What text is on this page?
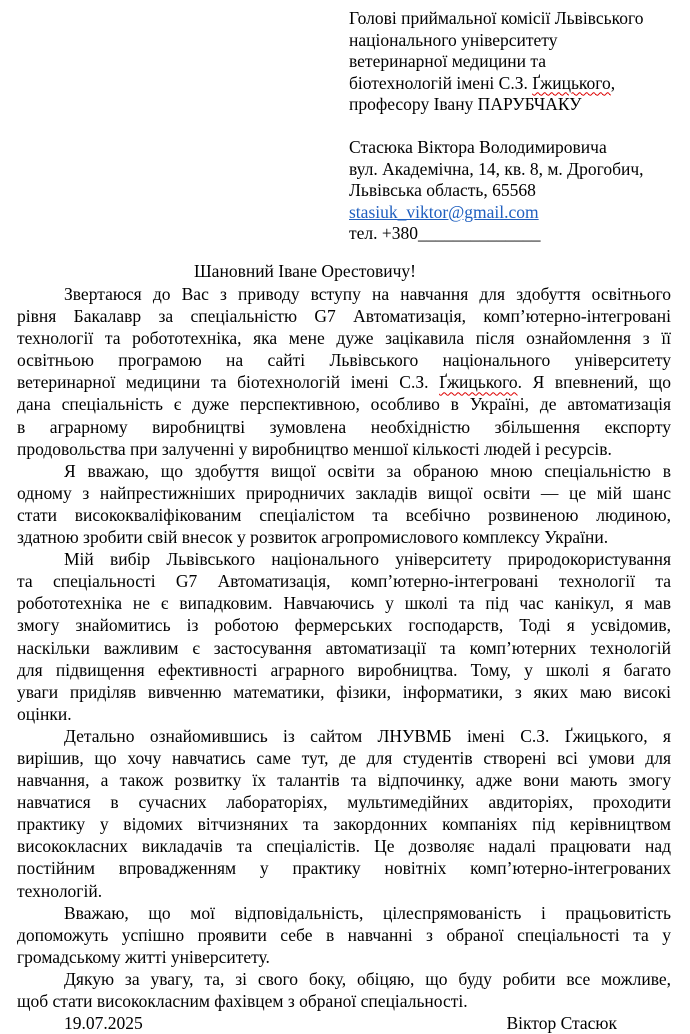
Голові приймальної комісії Львівського
національного університету
ветеринарної медицини та
біотехнологій імені С.З. Ґжицького,
професору Івану ПАРУБЧАКУ
Стасюка Віктора Володимировича
вул. Академічна, 14, кв. 8, м. Дрогобич,
Львівська область, 65568
stasiuk_viktor@gmail.com
тел. +380______________
Шановний Іване Орестовичу!
Звертаюся до Вас з приводу вступу на навчання для здобуття освітнього
рівня Бакалавр за спеціальністю G7 Автоматизація, комп’ютерно-інтегровані
технології та робототехніка, яка мене дуже зацікавила після ознайомлення з її
освітньою програмою на сайті Львівського національного університету
ветеринарної медицини та біотехнологій імені С.З. Ґжицького. Я впевнений, що
дана спеціальність є дуже перспективною, особливо в Україні, де автоматизація
в аграрному виробництві зумовлена необхідністю збільшення експорту
продовольства при залученні у виробництво меншої кількості людей і ресурсів.
Я вважаю, що здобуття вищої освіти за обраною мною спеціальністю в
одному з найпрестижніших природничих закладів вищої освіти — це мій шанс
стати висококваліфікованим спеціалістом та всебічно розвиненою людиною,
здатною зробити свій внесок у розвиток агропромислового комплексу України.
Мій вибір Львівського національного університету природокористування
та спеціальності G7 Автоматизація, комп’ютерно-інтегровані технології та
робототехніка не є випадковим. Навчаючись у школі та під час канікул, я мав
змогу знайомитись із роботою фермерських господарств, Тоді я усвідомив,
наскільки важливим є застосування автоматизації та комп’ютерних технологій
для підвищення ефективності аграрного виробництва. Тому, у школі я багато
уваги приділяв вивченню математики, фізики, інформатики, з яких маю високі
оцінки.
Детально ознайомившись із сайтом ЛНУВМБ імені С.З. Ґжицького, я
вирішив, що хочу навчатись саме тут, де для студентів створені всі умови для
навчання, а також розвитку їх талантів та відпочинку, адже вони мають змогу
навчатися в сучасних лабораторіях, мультимедійних авдиторіях, проходити
практику у відомих вітчизняних та закордонних компаніях під керівництвом
висококласних викладачів та спеціалістів. Це дозволяє надалі працювати над
постійним впровадженням у практику новітніх комп’ютерно-інтегрованих
технологій.
Вважаю, що мої відповідальність, цілеспрямованість і працьовитість
допоможуть успішно проявити себе в навчанні з обраної спеціальності та у
громадському житті університету.
Дякую за увагу, та, зі свого боку, обіцяю, що буду робити все можливе,
щоб стати висококласним фахівцем з обраної спеціальності.
19.07.2025	Віктор Стасюк
